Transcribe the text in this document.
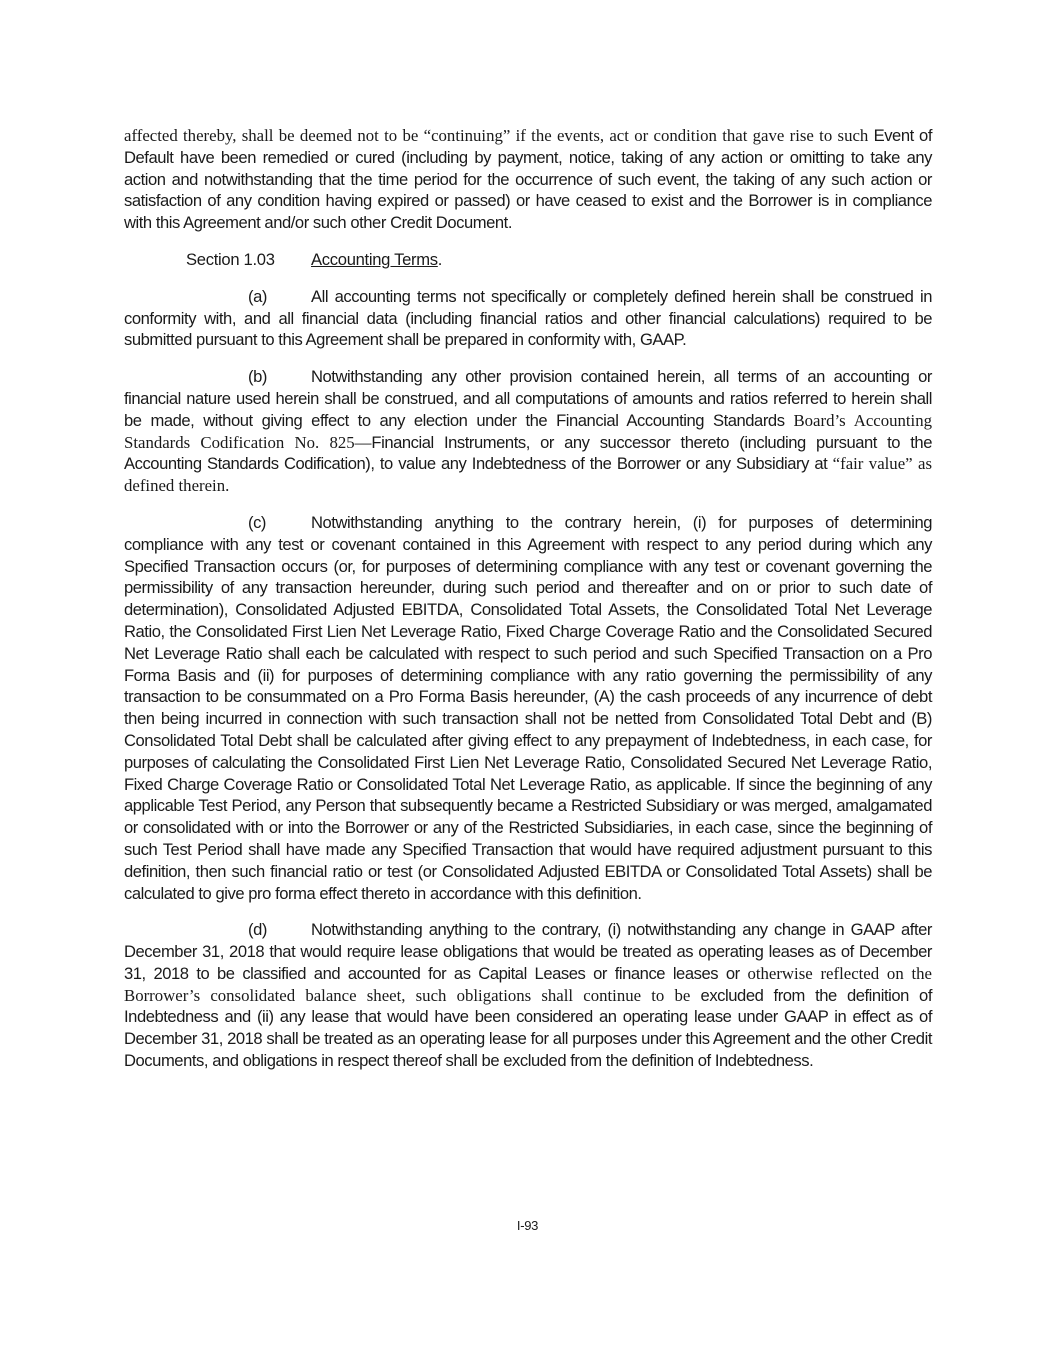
affected thereby, shall be deemed not to be “continuing” if the events, act or condition that gave rise to such Event of Default have been remedied or cured (including by payment, notice, taking of any action or omitting to take any action and notwithstanding that the time period for the occurrence of such event, the taking of any such action or satisfaction of any condition having expired or passed) or have ceased to exist and the Borrower is in compliance with this Agreement and/or such other Credit Document.

Section 1.03 Accounting Terms.

(a)	All accounting terms not specifically or completely defined herein shall be construed in conformity with, and all financial data (including financial ratios and other financial calculations) required to be submitted pursuant to this Agreement shall be prepared in conformity with, GAAP.

(b)	Notwithstanding any other provision contained herein, all terms of an accounting or financial nature used herein shall be construed, and all computations of amounts and ratios referred to herein shall be made, without giving effect to any election under the Financial Accounting Standards Board’s Accounting Standards Codification No. 825—Financial Instruments, or any successor thereto (including pursuant to the Accounting Standards Codification), to value any Indebtedness of the Borrower or any Subsidiary at “fair value” as defined therein.

(c)	Notwithstanding anything to the contrary herein, (i) for purposes of determining compliance with any test or covenant contained in this Agreement with respect to any period during which any Specified Transaction occurs (or, for purposes of determining compliance with any test or covenant governing the permissibility of any transaction hereunder, during such period and thereafter and on or prior to such date of determination), Consolidated Adjusted EBITDA, Consolidated Total Assets, the Consolidated Total Net Leverage Ratio, the Consolidated First Lien Net Leverage Ratio, Fixed Charge Coverage Ratio and the Consolidated Secured Net Leverage Ratio shall each be calculated with respect to such period and such Specified Transaction on a Pro Forma Basis and (ii) for purposes of determining compliance with any ratio governing the permissibility of any transaction to be consummated on a Pro Forma Basis hereunder, (A) the cash proceeds of any incurrence of debt then being incurred in connection with such transaction shall not be netted from Consolidated Total Debt and (B) Consolidated Total Debt shall be calculated after giving effect to any prepayment of Indebtedness, in each case, for purposes of calculating the Consolidated First Lien Net Leverage Ratio, Consolidated Secured Net Leverage Ratio, Fixed Charge Coverage Ratio or Consolidated Total Net Leverage Ratio, as applicable. If since the beginning of any applicable Test Period, any Person that subsequently became a Restricted Subsidiary or was merged, amalgamated or consolidated with or into the Borrower or any of the Restricted Subsidiaries, in each case, since the beginning of such Test Period shall have made any Specified Transaction that would have required adjustment pursuant to this definition, then such financial ratio or test (or Consolidated Adjusted EBITDA or Consolidated Total Assets) shall be calculated to give pro forma effect thereto in accordance with this definition.

(d)	Notwithstanding anything to the contrary, (i) notwithstanding any change in GAAP after December 31, 2018 that would require lease obligations that would be treated as operating leases as of December 31, 2018 to be classified and accounted for as Capital Leases or finance leases or otherwise reflected on the Borrower’s consolidated balance sheet, such obligations shall continue to be excluded from the definition of Indebtedness and (ii) any lease that would have been considered an operating lease under GAAP in effect as of December 31, 2018 shall be treated as an operating lease for all purposes under this Agreement and the other Credit Documents, and obligations in respect thereof shall be excluded from the definition of Indebtedness.

I-93
